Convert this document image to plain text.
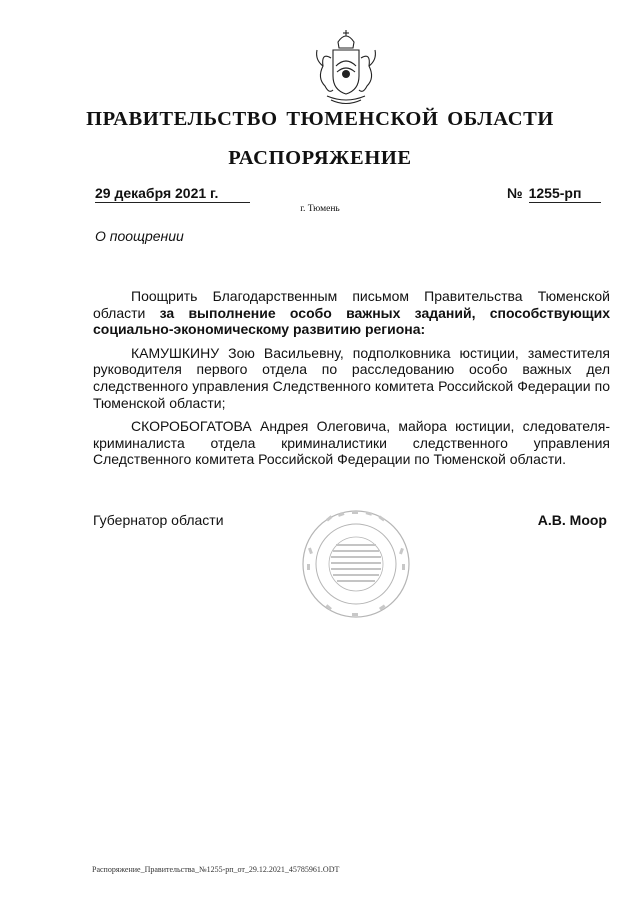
ПРАВИТЕЛЬСТВО ТЮМЕНСКОЙ ОБЛАСТИ
РАСПОРЯЖЕНИЕ
29 декабря 2021 г.	№ 1255-рп
г. Тюмень
О поощрении

Поощрить Благодарственным письмом Правительства Тюменской области за выполнение особо важных заданий, способствующих социально-экономическому развитию региона:

КАМУШКИНУ Зою Васильевну, подполковника юстиции, заместителя руководителя первого отдела по расследованию особо важных дел следственного управления Следственного комитета Российской Федерации по Тюменской области;

СКОРОБОГАТОВА Андрея Олеговича, майора юстиции, следователя-криминалиста отдела криминалистики следственного управления Следственного комитета Российской Федерации по Тюменской области.

Губернатор области	А.В. Моор
Распоряжение_Правительства_№1255-рп_от_29.12.2021_45785961.ODT
